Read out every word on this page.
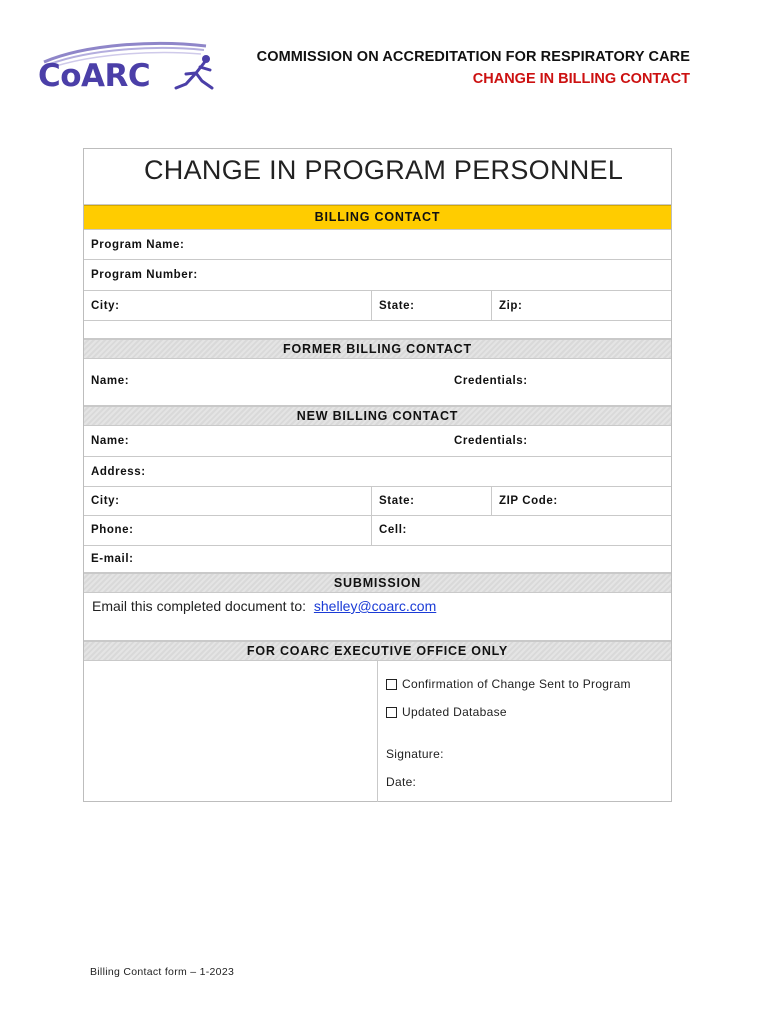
CoARC
COMMISSION ON ACCREDITATION FOR RESPIRATORY CARE
CHANGE IN BILLING CONTACT
CHANGE IN PROGRAM PERSONNEL
BILLING CONTACT
Program Name:
Program Number:
City:	State:	Zip:
FORMER BILLING CONTACT
Name:	Credentials:
NEW BILLING CONTACT
Name:	Credentials:
Address:
City:	State:	ZIP Code:
Phone:	Cell:
E-mail:
SUBMISSION
Email this completed document to: shelley@coarc.com
FOR COARC EXECUTIVE OFFICE ONLY
Confirmation of Change Sent to Program
Updated Database
Signature:
Date:
Billing Contact form – 1-2023
